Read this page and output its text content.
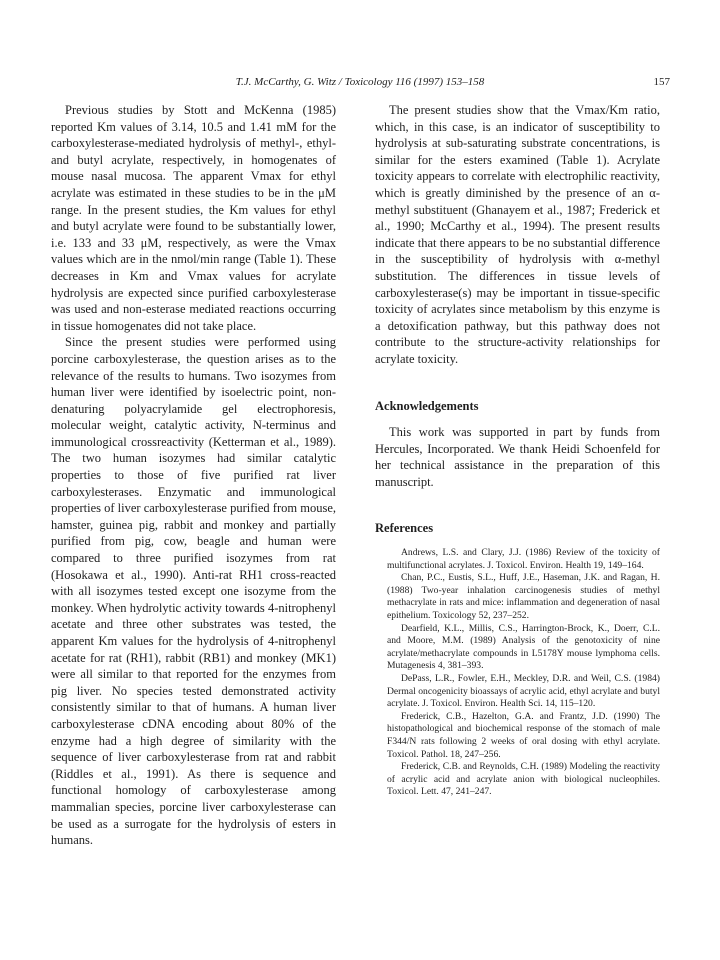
T.J. McCarthy, G. Witz / Toxicology 116 (1997) 153–158	157

Previous studies by Stott and McKenna (1985) reported Km values of 3.14, 10.5 and 1.41 mM for the carboxylesterase-mediated hydrolysis of methyl-, ethyl- and butyl acrylate, respectively, in homogenates of mouse nasal mucosa. The apparent Vmax for ethyl acrylate was estimated in these studies to be in the μM range. In the present studies, the Km values for ethyl and butyl acrylate were found to be substantially lower, i.e. 133 and 33 μM, respectively, as were the Vmax values which are in the nmol/min range (Table 1). These decreases in Km and Vmax values for acrylate hydrolysis are expected since purified carboxylesterase was used and non-esterase mediated reactions occurring in tissue homogenates did not take place.

Since the present studies were performed using porcine carboxylesterase, the question arises as to the relevance of the results to humans. Two isozymes from human liver were identified by isoelectric point, non-denaturing polyacrylamide gel electrophoresis, molecular weight, catalytic activity, N-terminus and immunological crossreactivity (Ketterman et al., 1989). The two human isozymes had similar catalytic properties to those of five purified rat liver carboxylesterases. Enzymatic and immunological properties of liver carboxylesterase purified from mouse, hamster, guinea pig, rabbit and monkey and partially purified from pig, cow, beagle and human were compared to three purified isozymes from rat (Hosokawa et al., 1990). Anti-rat RH1 cross-reacted with all isozymes tested except one isozyme from the monkey. When hydrolytic activity towards 4-nitrophenyl acetate and three other substrates was tested, the apparent Km values for the hydrolysis of 4-nitrophenyl acetate for rat (RH1), rabbit (RB1) and monkey (MK1) were all similar to that reported for the enzymes from pig liver. No species tested demonstrated activity consistently similar to that of humans. A human liver carboxylesterase cDNA encoding about 80% of the enzyme had a high degree of similarity with the sequence of liver carboxylesterase from rat and rabbit (Riddles et al., 1991). As there is sequence and functional homology of carboxylesterase among mammalian species, porcine liver carboxylesterase can be used as a surrogate for the hydrolysis of esters in humans.

The present studies show that the Vmax/Km ratio, which, in this case, is an indicator of susceptibility to hydrolysis at sub-saturating substrate concentrations, is similar for the esters examined (Table 1). Acrylate toxicity appears to correlate with electrophilic reactivity, which is greatly diminished by the presence of an α-methyl substituent (Ghanayem et al., 1987; Frederick et al., 1990; McCarthy et al., 1994). The present results indicate that there appears to be no substantial difference in the susceptibility of hydrolysis with α-methyl substitution. The differences in tissue levels of carboxylesterase(s) may be important in tissue-specific toxicity of acrylates since metabolism by this enzyme is a detoxification pathway, but this pathway does not contribute to the structure-activity relationships for acrylate toxicity.

Acknowledgements

This work was supported in part by funds from Hercules, Incorporated. We thank Heidi Schoenfeld for her technical assistance in the preparation of this manuscript.

References

Andrews, L.S. and Clary, J.J. (1986) Review of the toxicity of multifunctional acrylates. J. Toxicol. Environ. Health 19, 149–164.

Chan, P.C., Eustis, S.L., Huff, J.E., Haseman, J.K. and Ragan, H. (1988) Two-year inhalation carcinogenesis studies of methyl methacrylate in rats and mice: inflammation and degeneration of nasal epithelium. Toxicology 52, 237–252.

Dearfield, K.L., Millis, C.S., Harrington-Brock, K., Doerr, C.L. and Moore, M.M. (1989) Analysis of the genotoxicity of nine acrylate/methacrylate compounds in L5178Y mouse lymphoma cells. Mutagenesis 4, 381–393.

DePass, L.R., Fowler, E.H., Meckley, D.R. and Weil, C.S. (1984) Dermal oncogenicity bioassays of acrylic acid, ethyl acrylate and butyl acrylate. J. Toxicol. Environ. Health Sci. 14, 115–120.

Frederick, C.B., Hazelton, G.A. and Frantz, J.D. (1990) The histopathological and biochemical response of the stomach of male F344/N rats following 2 weeks of oral dosing with ethyl acrylate. Toxicol. Pathol. 18, 247–256.

Frederick, C.B. and Reynolds, C.H. (1989) Modeling the reactivity of acrylic acid and acrylate anion with biological nucleophiles. Toxicol. Lett. 47, 241–247.
